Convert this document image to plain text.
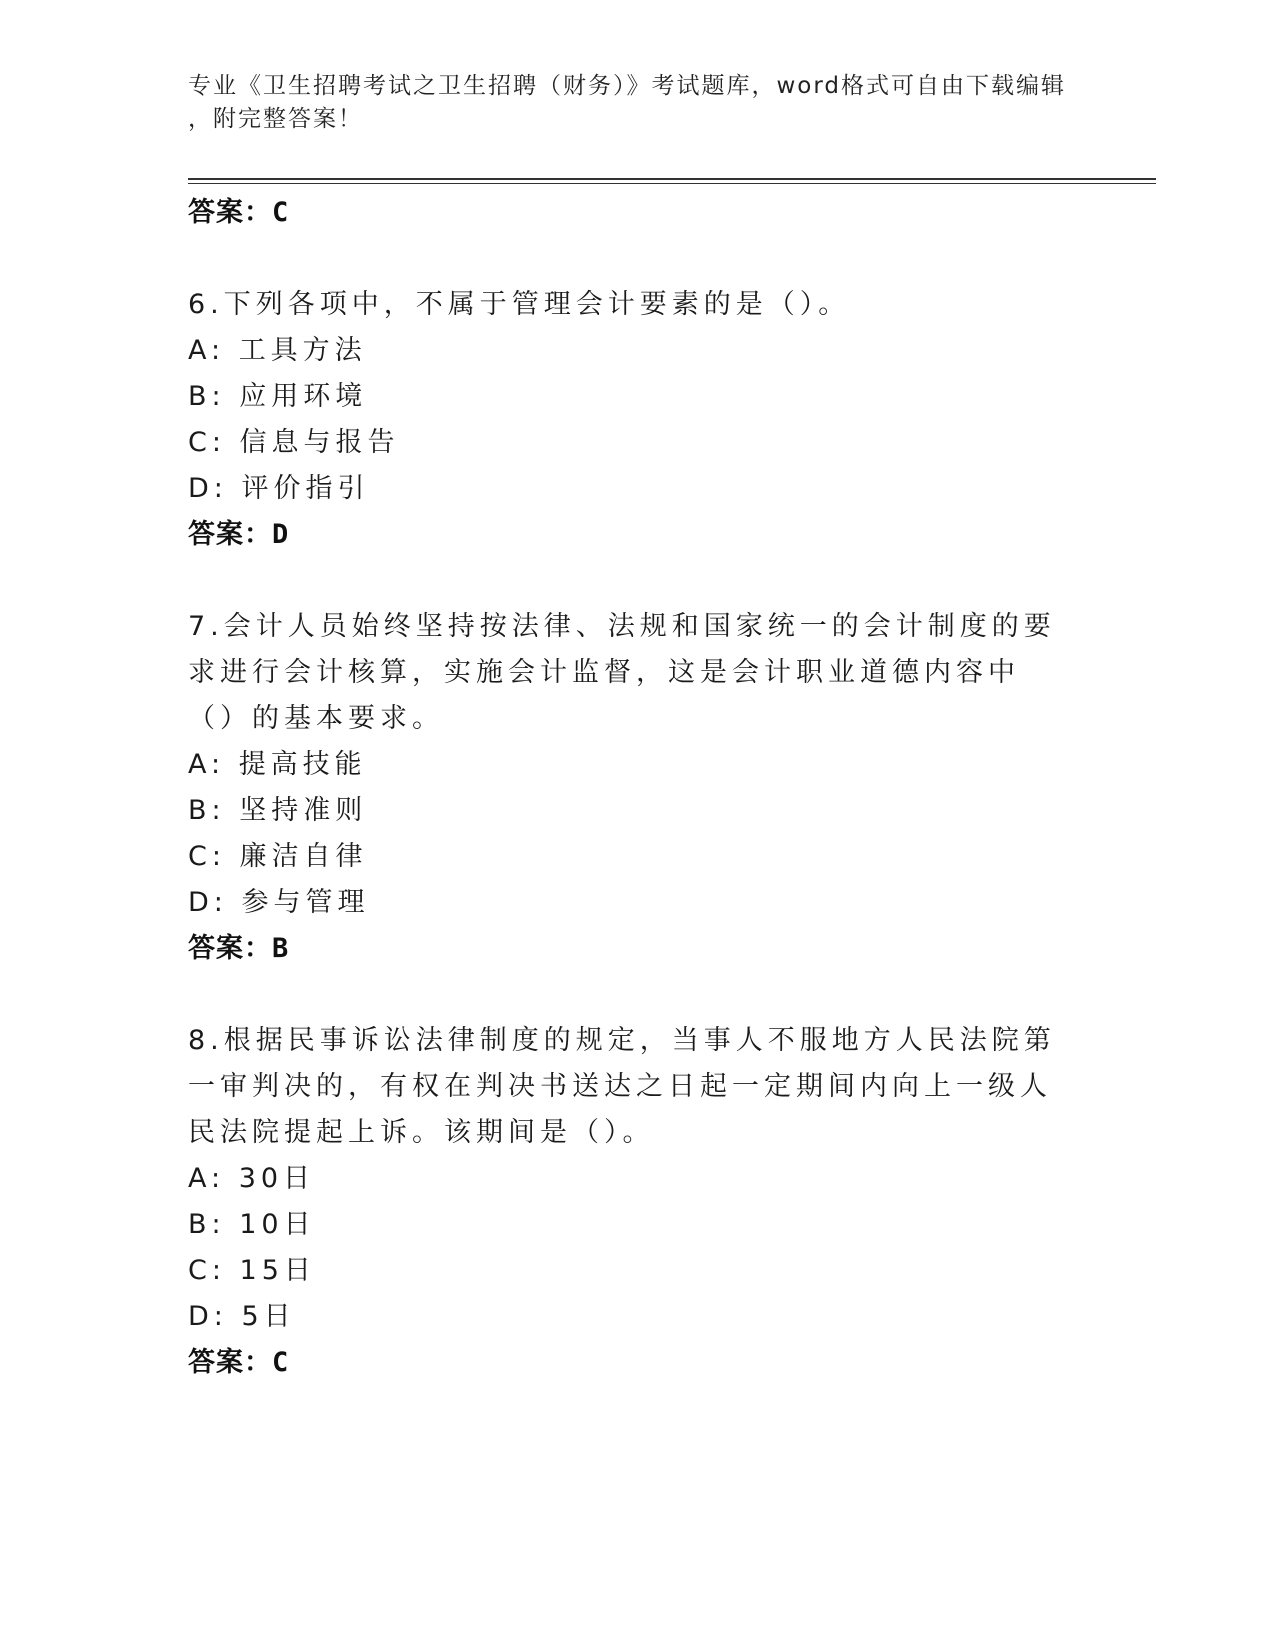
专业《卫生招聘考试之卫生招聘（财务）》考试题库，word格式可自由下载编辑
，附完整答案！
答案：C
6.下列各项中，不属于管理会计要素的是（）。
A: 工具方法
B: 应用环境
C: 信息与报告
D: 评价指引
答案：D
7.会计人员始终坚持按法律、法规和国家统一的会计制度的要求进行会计核算，实施会计监督，这是会计职业道德内容中（）的基本要求。
A: 提高技能
B: 坚持准则
C: 廉洁自律
D: 参与管理
答案：B
8.根据民事诉讼法律制度的规定，当事人不服地方人民法院第一审判决的，有权在判决书送达之日起一定期间内向上一级人民法院提起上诉。该期间是（）。
A: 30日
B: 10日
C: 15日
D: 5日
答案：C
